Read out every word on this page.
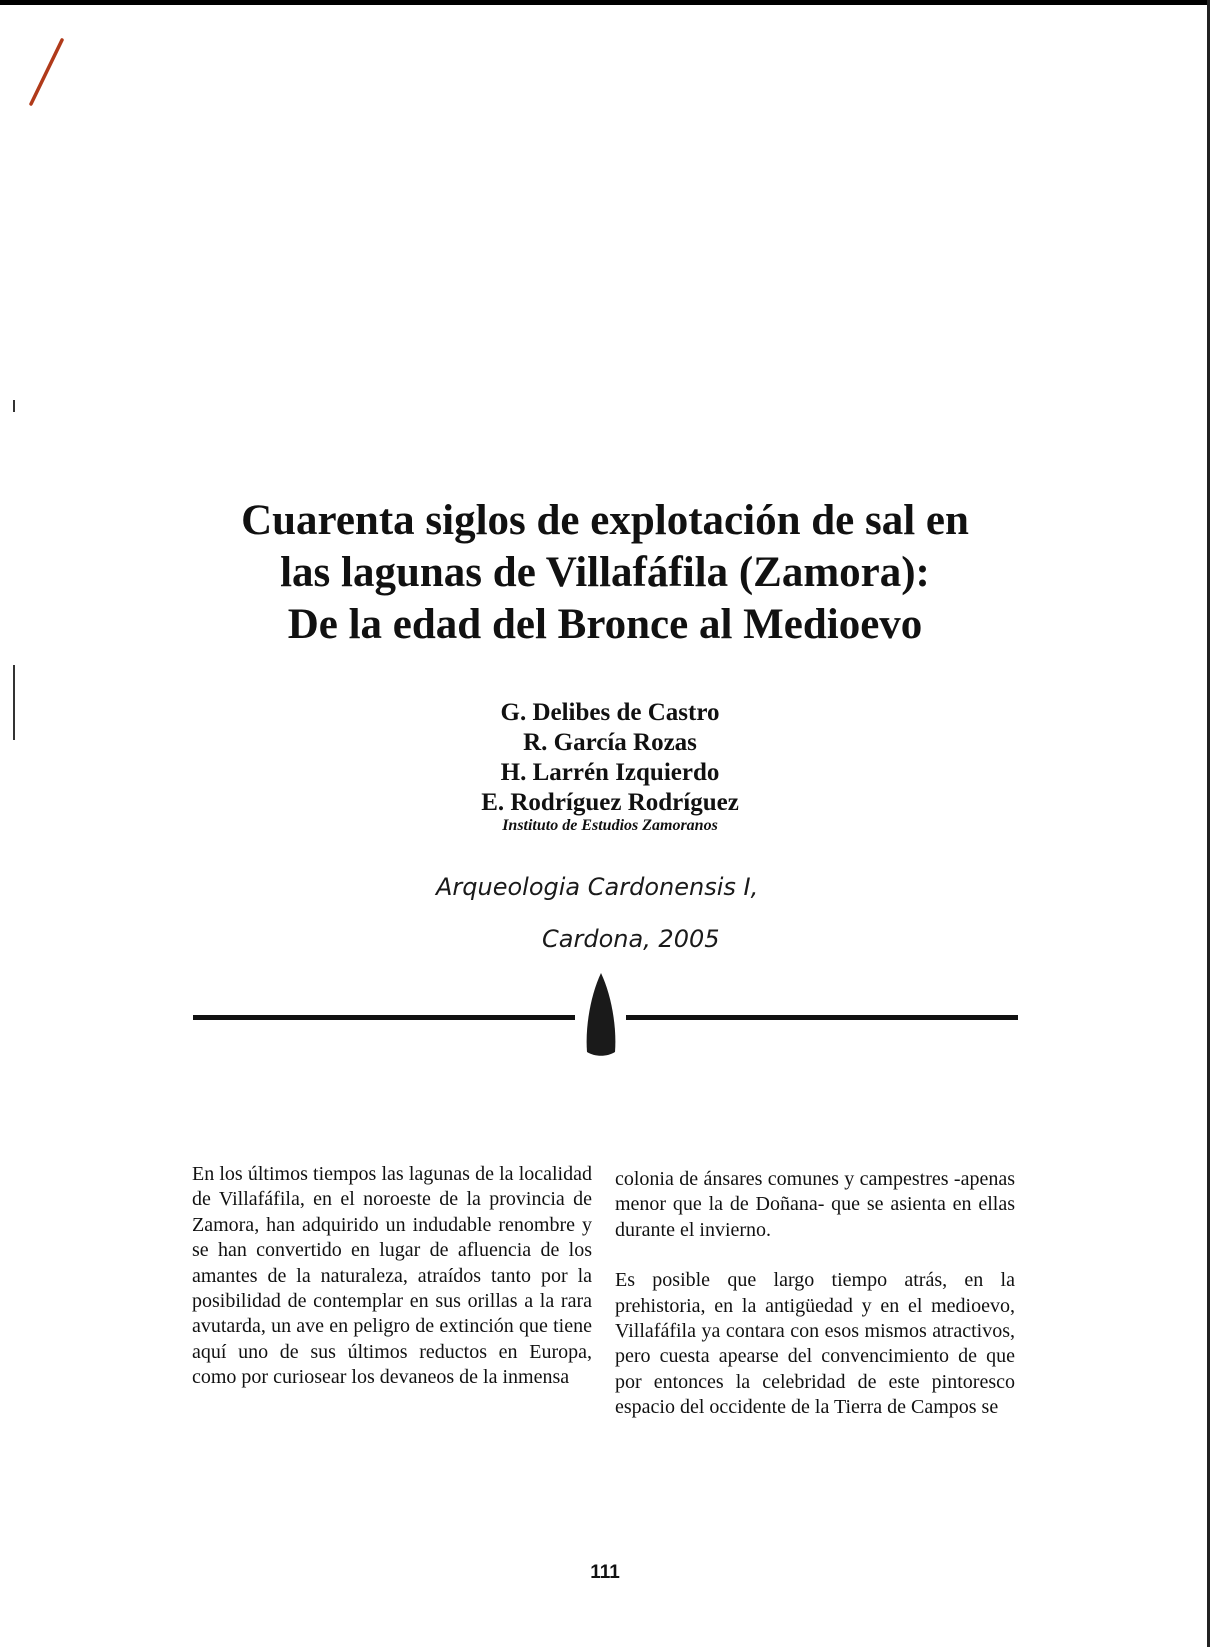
Cuarenta siglos de explotación de sal en
las lagunas de Villafáfila (Zamora):
De la edad del Bronce al Medioevo
G. Delibes de Castro
R. García Rozas
H. Larrén Izquierdo
E. Rodríguez Rodríguez
Instituto de Estudios Zamoranos
Arqueologia Cardonensis I,
Cardona, 2005

En los últimos tiempos las lagunas de la localidad de Villafáfila, en el noroeste de la provincia de Zamora, han adquirido un indudable renombre y se han convertido en lugar de afluencia de los amantes de la naturaleza, atraídos tanto por la posibilidad de contemplar en sus orillas a la rara avutarda, un ave en peligro de extinción que tiene aquí uno de sus últimos reductos en Europa, como por curiosear los devaneos de la inmensa

colonia de ánsares comunes y campestres -apenas menor que la de Doñana- que se asienta en ellas durante el invierno.

Es posible que largo tiempo atrás, en la prehistoria, en la antigüedad y en el medioevo, Villafáfila ya contara con esos mismos atractivos, pero cuesta apearse del convencimiento de que por entonces la celebridad de este pintoresco espacio del occidente de la Tierra de Campos se

111
